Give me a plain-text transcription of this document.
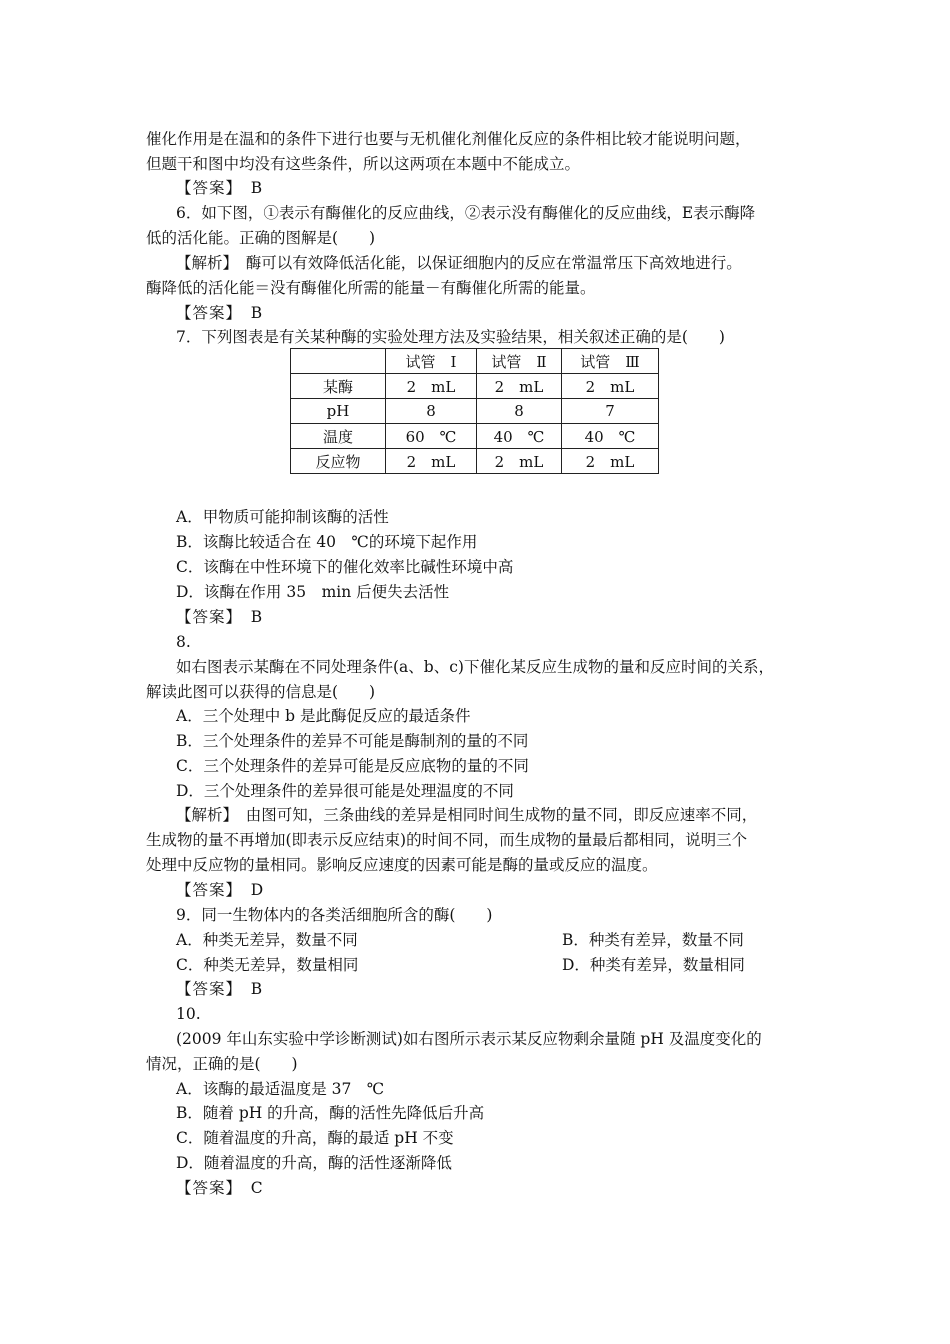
催化作用是在温和的条件下进行也要与无机催化剂催化反应的条件相比较才能说明问题，
但题干和图中均没有这些条件，所以这两项在本题中不能成立。
【答案】　B
6．如下图，①表示有酶催化的反应曲线，②表示没有酶催化的反应曲线，E表示酶降
低的活化能。正确的图解是(　　)
【解析】　酶可以有效降低活化能，以保证细胞内的反应在常温常压下高效地进行。
酶降低的活化能＝没有酶催化所需的能量－有酶催化所需的能量。
【答案】　B
7．下列图表是有关某种酶的实验处理方法及实验结果，相关叙述正确的是(　　)
	试管　Ⅰ	试管　Ⅱ	试管　Ⅲ
某酶	2　mL	2　mL	2　mL
pH	8	8	7
温度	60　℃	40　℃	40　℃
反应物	2　mL	2　mL	2　mL
A．甲物质可能抑制该酶的活性
B．该酶比较适合在 40　℃的环境下起作用
C．该酶在中性环境下的催化效率比碱性环境中高
D．该酶在作用 35　min 后便失去活性
【答案】　B
8.
如右图表示某酶在不同处理条件(a、b、c)下催化某反应生成物的量和反应时间的关系，
解读此图可以获得的信息是(　　)
A．三个处理中 b 是此酶促反应的最适条件
B．三个处理条件的差异不可能是酶制剂的量的不同
C．三个处理条件的差异可能是反应底物的量的不同
D．三个处理条件的差异很可能是处理温度的不同
【解析】　由图可知，三条曲线的差异是相同时间生成物的量不同，即反应速率不同，
生成物的量不再增加(即表示反应结束)的时间不同，而生成物的量最后都相同，说明三个
处理中反应物的量相同。影响反应速度的因素可能是酶的量或反应的温度。
【答案】　D
9．同一生物体内的各类活细胞所含的酶(　　)
A．种类无差异，数量不同	B．种类有差异，数量不同
C．种类无差异，数量相同	D．种类有差异，数量相同
【答案】　B
10.
(2009 年山东实验中学诊断测试)如右图所示表示某反应物剩余量随 pH 及温度变化的
情况，正确的是(　　)
A．该酶的最适温度是 37　℃
B．随着 pH 的升高，酶的活性先降低后升高
C．随着温度的升高，酶的最适 pH 不变
D．随着温度的升高，酶的活性逐渐降低
【答案】　C
